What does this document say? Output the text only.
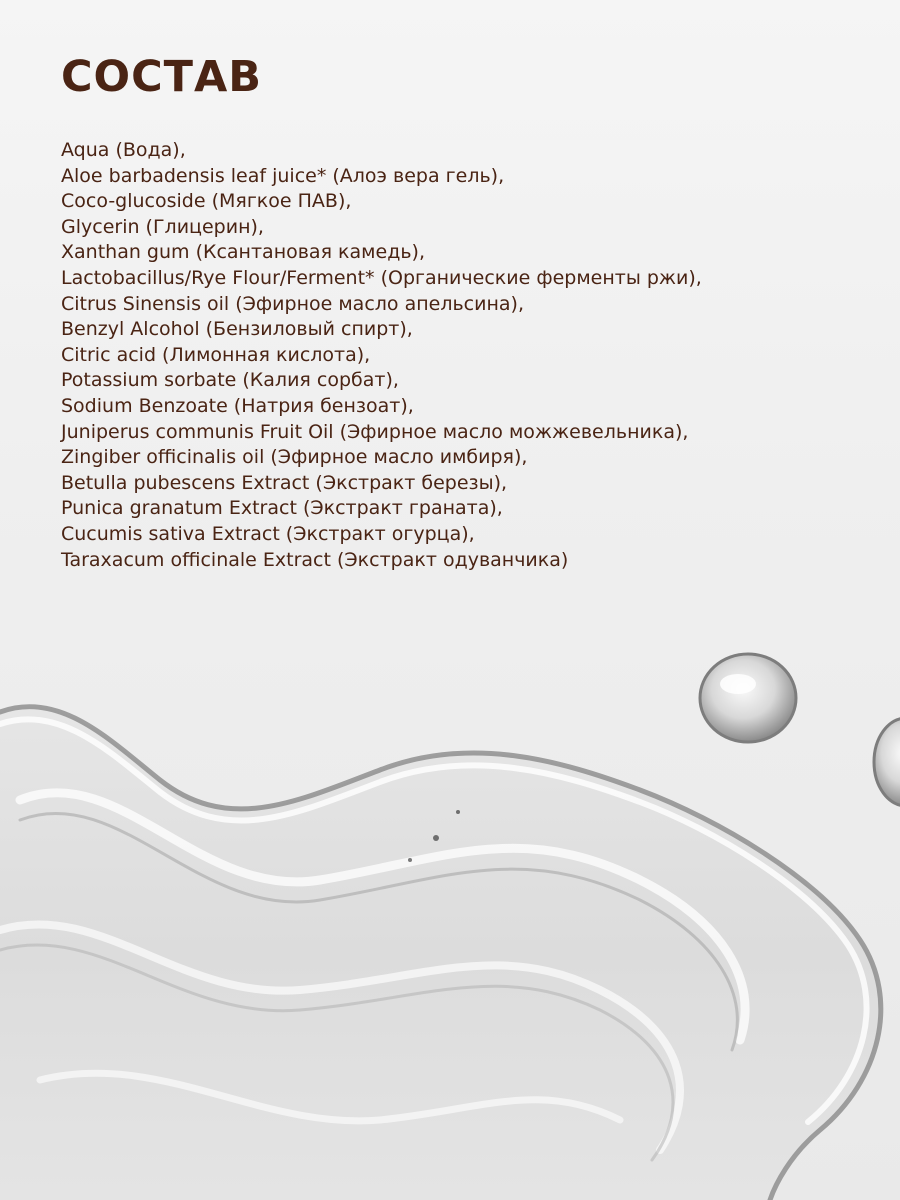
СОСТАВ
Aqua (Вода),
Aloe barbadensis leaf juice* (Алоэ вера гель),
Coco-glucoside (Мягкое ПАВ),
Glycerin (Глицерин),
Xanthan gum (Ксантановая камедь),
Lactobacillus/Rye Flour/Ferment* (Органические ферменты ржи),
Citrus Sinensis oil (Эфирное масло апельсина),
Benzyl Alcohol (Бензиловый спирт),
Citric acid (Лимонная кислота),
Potassium sorbate (Калия сорбат),
Sodium Benzoate (Натрия бензоат),
Juniperus communis Fruit Oil (Эфирное масло можжевельника),
Zingiber officinalis oil (Эфирное масло имбиря),
Betulla pubescens Extract (Экстракт березы),
Punica granatum Extract (Экстракт граната),
Cucumis sativa Extract (Экстракт огурца),
Taraxacum officinale Extract (Экстракт одуванчика)
